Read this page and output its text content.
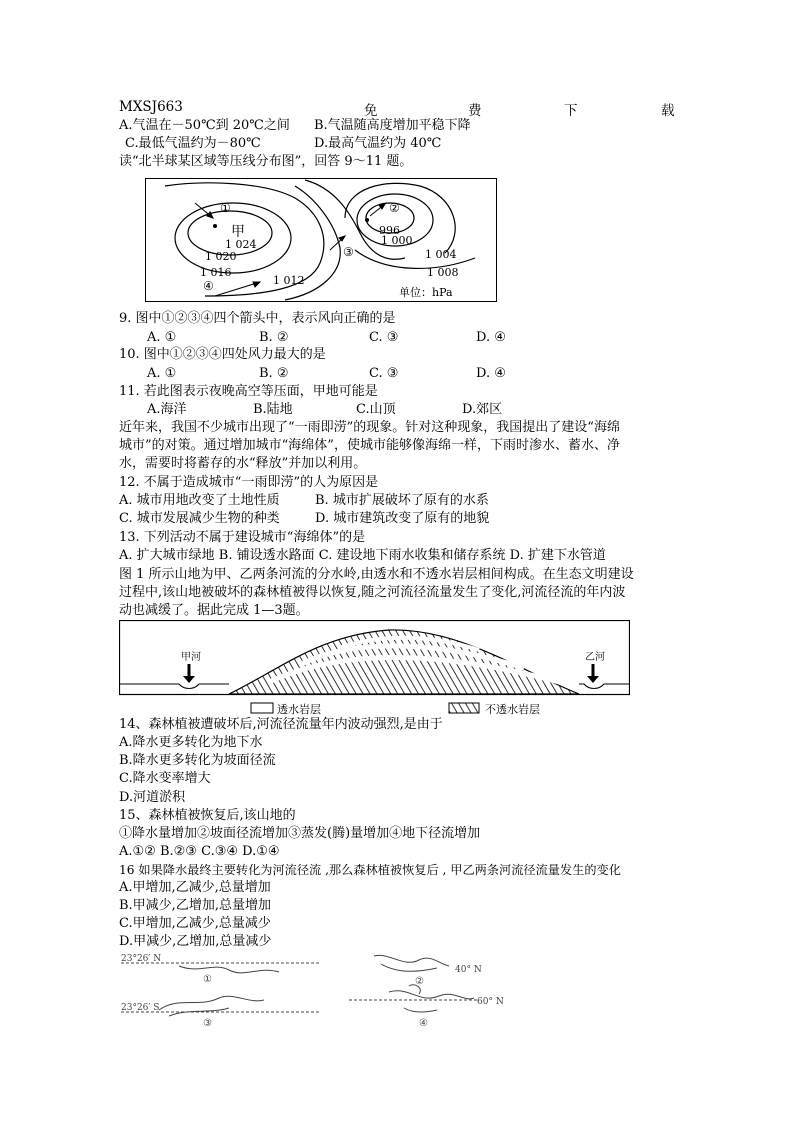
MXSJ663	免	费	下	载
A.气温在－50℃到 20℃之间 B.气温随高度增加平稳下降
C.最低气温约为－80℃	D.最高气温约为 40℃
读“北半球某区域等压线分布图”，回答 9～11 题。
①	②
③
④
甲
1 024
1 020
1 016
1 012
996
1 000
1 004
1 008
单位：hPa
9. 图中①②③④四个箭头中，表示风向正确的是
A. ①	B. ②	C. ③	D. ④
10. 图中①②③④四处风力最大的是
A. ①	B. ②	C. ③	D. ④
11. 若此图表示夜晚高空等压面，甲地可能是
A.海洋	B.陆地	C.山顶	D.郊区
近年来，我国不少城市出现了“一雨即涝”的现象。针对这种现象，我国提出了建设“海绵
城市”的对策。通过增加城市“海绵体”，使城市能够像海绵一样，下雨时渗水、蓄水、净
水，需要时将蓄存的水“释放”并加以利用。
12. 不属于造成城市“一雨即涝”的人为原因是
A. 城市用地改变了土地性质	B. 城市扩展破坏了原有的水系
C. 城市发展减少生物的种类	D. 城市建筑改变了原有的地貌
13. 下列活动不属于建设城市“海绵体”的是
A. 扩大城市绿地 B. 铺设透水路面 C. 建设地下雨水收集和储存系统 D. 扩建下水管道
图 1 所示山地为甲、乙两条河流的分水岭,由透水和不透水岩层相间构成。在生态文明建设
过程中,该山地被破坏的森林植被得以恢复,随之河流径流量发生了变化,河流径流的年内波
动也减缓了。据此完成 1—3题。
甲河	乙河
透水岩层	不透水岩层
14、森林植被遭破坏后,河流径流量年内波动强烈,是由于
A.降水更多转化为地下水
B.降水更多转化为坡面径流
C.降水变率增大
D.河道淤积
15、森林植被恢复后,该山地的
①降水量增加②坡面径流增加③蒸发(腾)量增加④地下径流增加
A.①② B.②③ C.③④ D.①④
16 如果降水最终主要转化为河流径流 ,那么森林植被恢复后 , 甲乙两条河流径流量发生的变化
A.甲增加,乙减少,总量增加
B.甲减少,乙增加,总量增加
C.甲增加,乙减少,总量减少
D.甲减少,乙增加,总量减少
23°26′ N
40° N
23°26′ S
60° N
①	②
③	④
